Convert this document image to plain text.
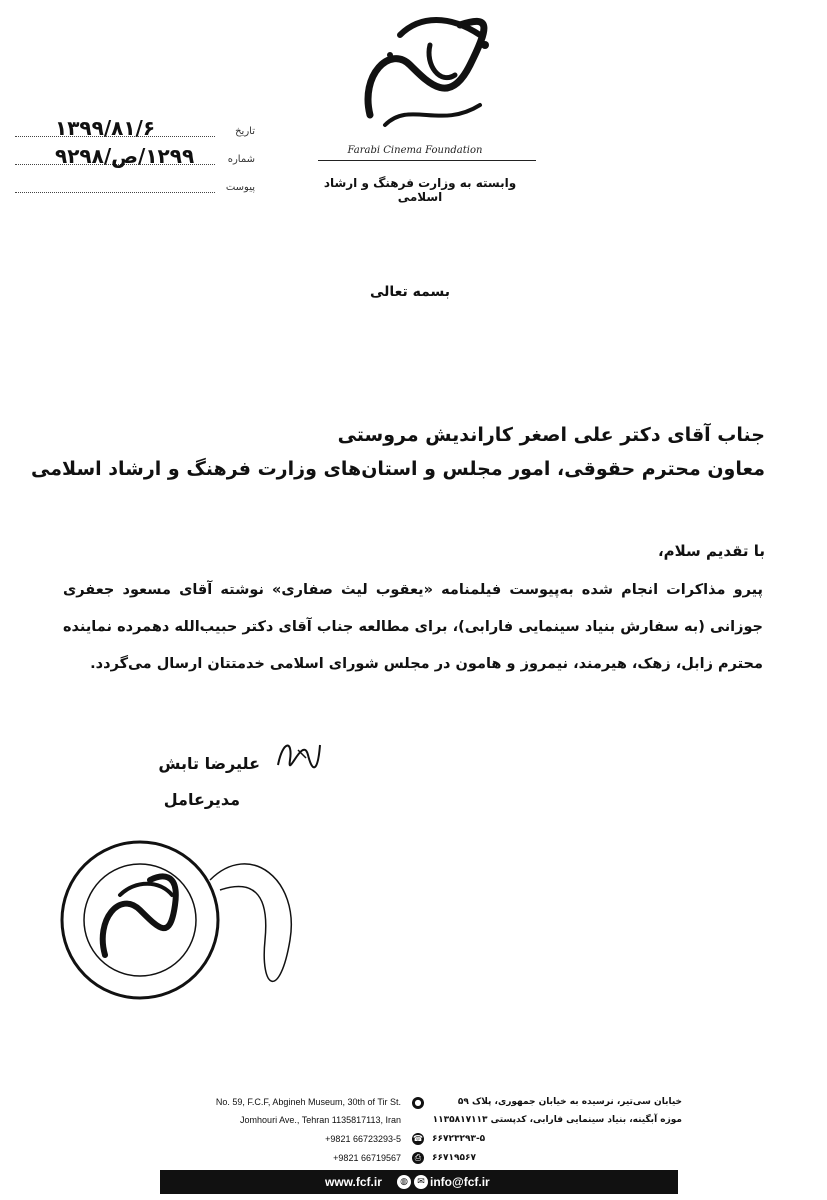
Farabi Cinema Foundation
وابسته به وزارت فرهنگ و ارشاد اسلامی
تاریخ
۱۳۹۹/۸۱/۶
شماره
۱۲۹۹/ص/۹۲۹۸
پیوست
بسمه تعالی
جناب آقای دکتر علی اصغر کاراندیش مروستی
معاون محترم حقوقی، امور مجلس و استان‌های وزارت فرهنگ و ارشاد اسلامی
با تقدیم سلام،
پیرو مذاکرات انجام شده به‌پیوست فیلمنامه «یعقوب لیث صفاری» نوشته آقای مسعود جعفری جوزانی (به سفارش بنیاد سینمایی فارابی)، برای مطالعه جناب آقای دکتر حبیب‌الله دهمرده نماینده محترم زابل، زهک، هیرمند، نیمروز و هامون در مجلس شورای اسلامی خدمتتان ارسال می‌گردد.
علیرضا تابش
مدیرعامل
No. 59, F.C.F, Abgineh Museum, 30th of Tir St.
Jomhouri Ave., Tehran 1135817113, Iran
+9821 66723293-5
+9821 66719567
●
☎
⎙
خیابان سی‌تیر، نرسیده به خیابان جمهوری، پلاک ۵۹
موزه آبگینه، بنیاد سینمایی فارابی، کدپستی ۱۱۳۵۸۱۷۱۱۳
۶۶۷۲۳۲۹۳-۵
۶۶۷۱۹۵۶۷
www.fcf.ir	◍	✉ info@fcf.ir
